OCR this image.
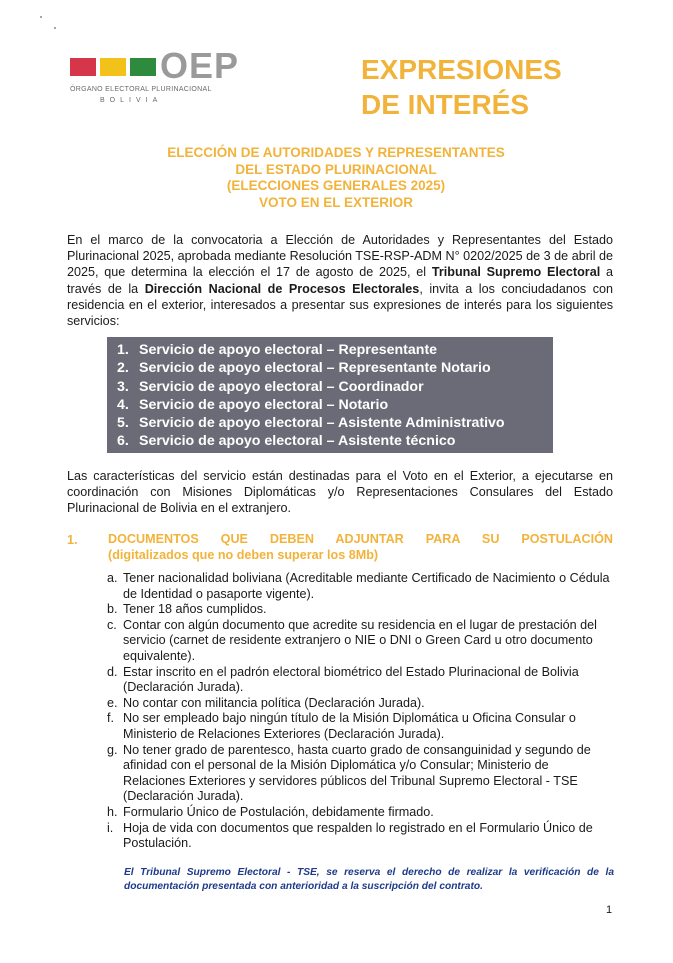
OEP
ÓRGANO ELECTORAL PLURINACIONAL
BOLIVIA
EXPRESIONES
DE INTERÉS
ELECCIÓN DE AUTORIDADES Y REPRESENTANTES
DEL ESTADO PLURINACIONAL
(ELECCIONES GENERALES 2025)
VOTO EN EL EXTERIOR

En el marco de la convocatoria a Elección de Autoridades y Representantes del Estado Plurinacional 2025, aprobada mediante Resolución TSE-RSP-ADM N° 0202/2025 de 3 de abril de 2025, que determina la elección el 17 de agosto de 2025, el Tribunal Supremo Electoral a través de la Dirección Nacional de Procesos Electorales, invita a los conciudadanos con residencia en el exterior, interesados a presentar sus expresiones de interés para los siguientes servicios:

1. Servicio de apoyo electoral – Representante
2. Servicio de apoyo electoral – Representante Notario
3. Servicio de apoyo electoral – Coordinador
4. Servicio de apoyo electoral – Notario
5. Servicio de apoyo electoral – Asistente Administrativo
6. Servicio de apoyo electoral – Asistente técnico

Las características del servicio están destinadas para el Voto en el Exterior, a ejecutarse en coordinación con Misiones Diplomáticas y/o Representaciones Consulares del Estado Plurinacional de Bolivia en el extranjero.

1. DOCUMENTOS QUE DEBEN ADJUNTAR PARA SU POSTULACIÓN
(digitalizados que no deben superar los 8Mb)
a. Tener nacionalidad boliviana (Acreditable mediante Certificado de Nacimiento o Cédula de Identidad o pasaporte vigente).
b. Tener 18 años cumplidos.
c. Contar con algún documento que acredite su residencia en el lugar de prestación del servicio (carnet de residente extranjero o NIE o DNI o Green Card u otro documento equivalente).
d. Estar inscrito en el padrón electoral biométrico del Estado Plurinacional de Bolivia (Declaración Jurada).
e. No contar con militancia política (Declaración Jurada).
f. No ser empleado bajo ningún título de la Misión Diplomática u Oficina Consular o Ministerio de Relaciones Exteriores (Declaración Jurada).
g. No tener grado de parentesco, hasta cuarto grado de consanguinidad y segundo de afinidad con el personal de la Misión Diplomática y/o Consular; Ministerio de Relaciones Exteriores y servidores públicos del Tribunal Supremo Electoral - TSE (Declaración Jurada).
h. Formulario Único de Postulación, debidamente firmado.
i. Hoja de vida con documentos que respalden lo registrado en el Formulario Único de Postulación.

El Tribunal Supremo Electoral - TSE, se reserva el derecho de realizar la verificación de la documentación presentada con anterioridad a la suscripción del contrato.

1
